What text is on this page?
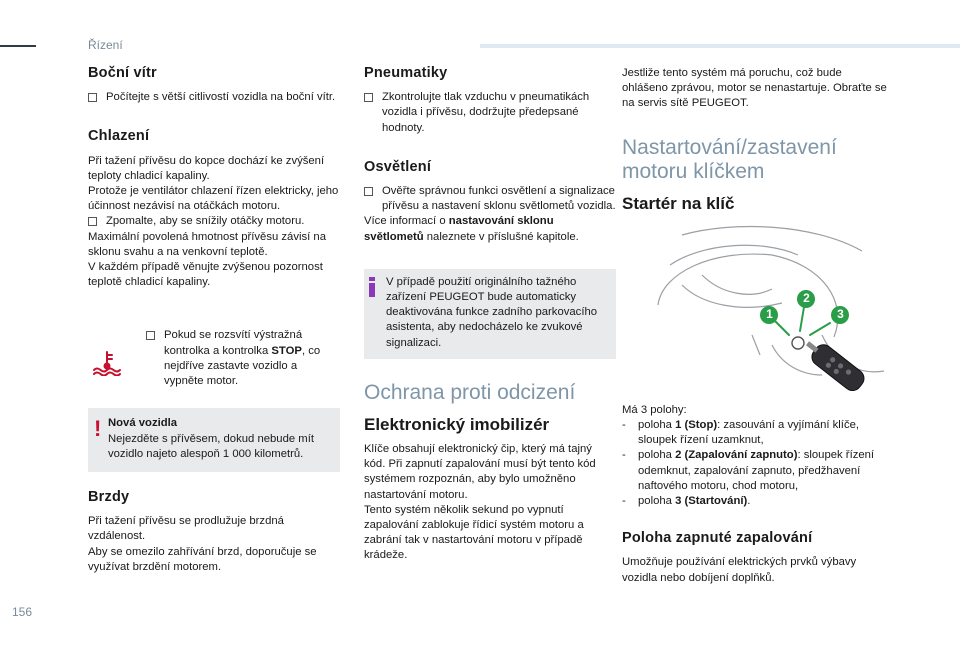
Řízení
Boční vítr

Počítejte s větší citlivostí vozidla na boční vítr.

Chlazení

Při tažení přívěsu do kopce dochází ke zvýšení teploty chladicí kapaliny.

Protože je ventilátor chlazení řízen elektricky, jeho účinnost nezávisí na otáčkách motoru.

Zpomalte, aby se snížily otáčky motoru.

Maximální povolená hmotnost přívěsu závisí na sklonu svahu a na venkovní teplotě.

V každém případě věnujte zvýšenou pozornost teplotě chladicí kapaliny.

Pokud se rozsvítí výstražná kontrolka a kontrolka STOP, co nejdříve zastavte vozidlo a vypněte motor.

! Nová vozidla

Nejezděte s přívěsem, dokud nebude mít vozidlo najeto alespoň 1 000 kilometrů.

Brzdy

Při tažení přívěsu se prodlužuje brzdná vzdálenost.

Aby se omezilo zahřívání brzd, doporučuje se využívat brzdění motorem.

Pneumatiky

Zkontrolujte tlak vzduchu v pneumatikách vozidla i přívěsu, dodržujte předepsané hodnoty.

Osvětlení

Ověřte správnou funkci osvětlení a signalizace přívěsu a nastavení sklonu světlometů vozidla.

Více informací o nastavování sklonu světlometů naleznete v příslušné kapitole.

V případě použití originálního tažného zařízení PEUGEOT bude automaticky deaktivována funkce zadního parkovacího asistenta, aby nedocházelo ke zvukové signalizaci.

Ochrana proti odcizení
Elektronický imobilizér

Klíče obsahují elektronický čip, který má tajný kód. Při zapnutí zapalování musí být tento kód systémem rozpoznán, aby bylo umožněno nastartování motoru.

Tento systém několik sekund po vypnutí zapalování zablokuje řídicí systém motoru a zabrání tak v nastartování motoru v případě krádeže.

Jestliže tento systém má poruchu, což bude ohlášeno zprávou, motor se nenastartuje. Obraťte se na servis sítě PEUGEOT.

Nastartování/zastavení motoru klíčkem
Startér na klíč
1
2
3

Má 3 polohy:

- poloha 1 (Stop): zasouvání a vyjímání klíče, sloupek řízení uzamknut,

- poloha 2 (Zapalování zapnuto): sloupek řízení odemknut, zapalování zapnuto, předžhavení naftového motoru, chod motoru,

- poloha 3 (Startování).

Poloha zapnuté zapalování

Umožňuje používání elektrických prvků výbavy vozidla nebo dobíjení doplňků.

156
